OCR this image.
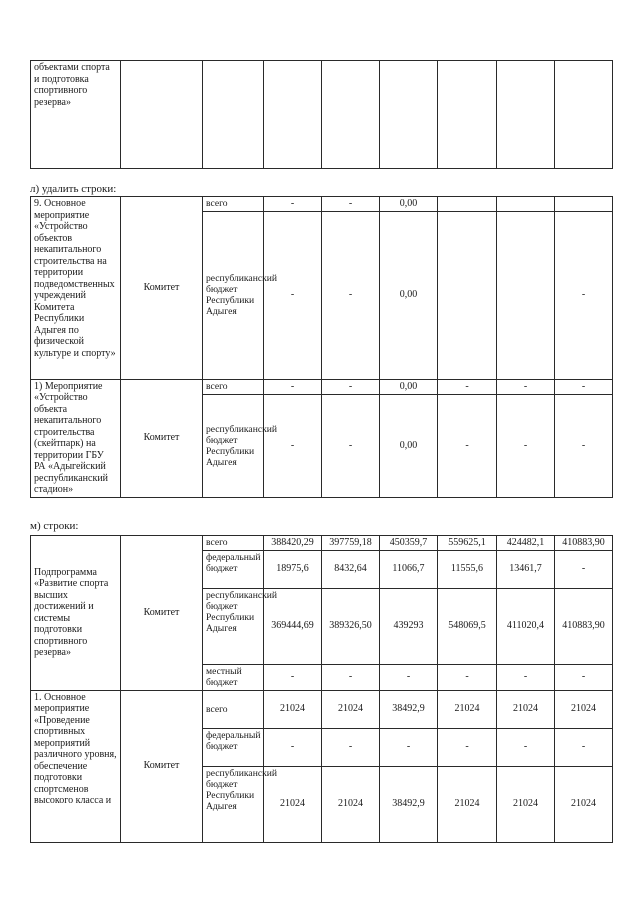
объектами спорта и подготовка спортивного резерва»								
л) удалить строки:
9. Основное мероприятие «Устройство объектов некапитального строительства на территории подведомственных учреждений Комитета Республики Адыгея по физической культуре и спорту»	Комитет	всего	-	-	0,00			
		республиканский бюджет Республики Адыгея	-	-	0,00			-
1) Мероприятие «Устройство объекта некапитального строительства (скейтпарк) на территории ГБУ РА «Адыгейский республиканский стадион»	Комитет	всего	-	-	0,00	-	-	-
		республиканский бюджет Республики Адыгея	-	-	0,00	-	-	-
м) строки:
Подпрограмма «Развитие спорта высших достижений и системы подготовки спортивного резерва»	Комитет	всего	388420,29	397759,18	450359,7	559625,1	424482,1	410883,90
		федеральный бюджет	18975,6	8432,64	11066,7	11555,6	13461,7	-
		республиканский бюджет Республики Адыгея	369444,69	389326,50	439293	548069,5	411020,4	410883,90
		местный бюджет	-	-	-	-	-	-
1. Основное мероприятие «Проведение спортивных мероприятий различного уровня, обеспечение подготовки спортсменов высокого класса и	Комитет	всего	21024	21024	38492,9	21024	21024	21024
		федеральный бюджет	-	-	-	-	-	-
		республиканский бюджет Республики Адыгея	21024	21024	38492,9	21024	21024	21024
